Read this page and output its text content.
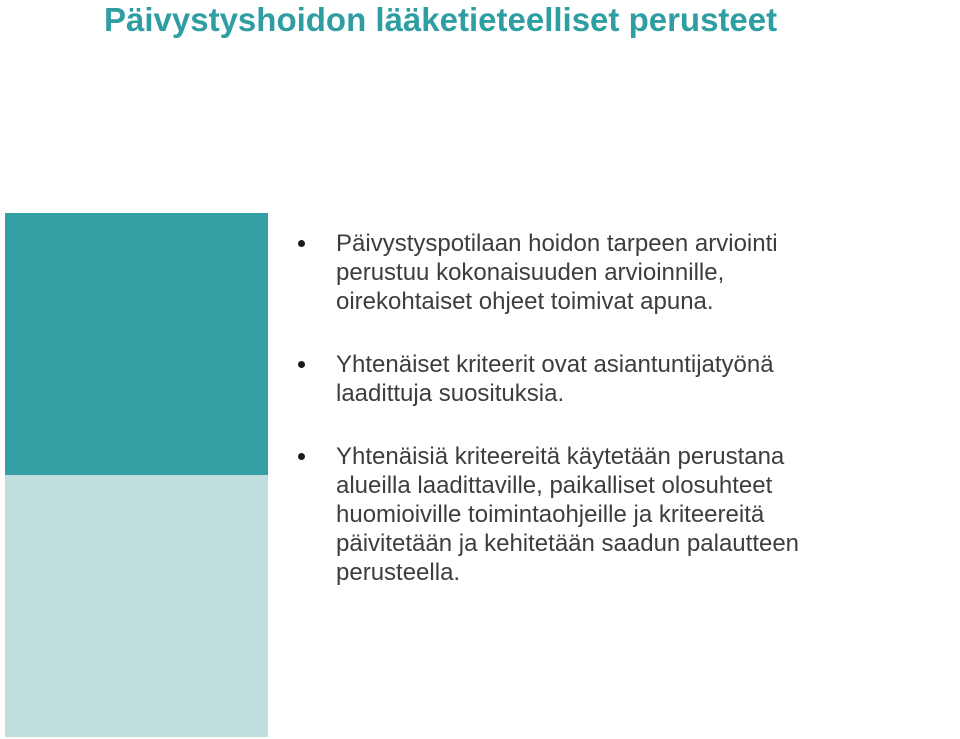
Päivystyshoidon lääketieteelliset perusteet
Päivystyspotilaan hoidon tarpeen arviointi
perustuu kokonaisuuden arvioinnille,
oirekohtaiset ohjeet toimivat apuna.
Yhtenäiset kriteerit ovat asiantuntijatyönä
laadittuja suosituksia.
Yhtenäisiä kriteereitä käytetään perustana
alueilla laadittaville, paikalliset olosuhteet
huomioiville toimintaohjeille ja kriteereitä
päivitetään ja kehitetään saadun palautteen
perusteella.
